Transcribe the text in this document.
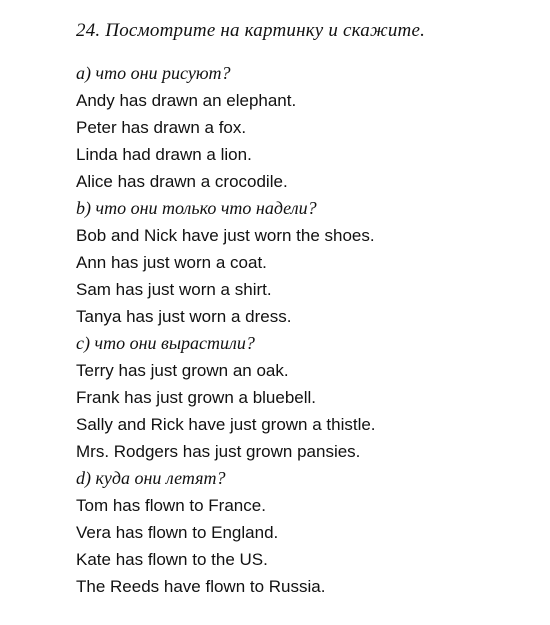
24. Посмотрите на картинку и скажите.
a) что они рисуют?
Andy has drawn an elephant.
Peter has drawn a fox.
Linda had drawn a lion.
Alice has drawn a crocodile.
b) что они только что надели?
Bob and Nick have just worn the shoes.
Ann has just worn a coat.
Sam has just worn a shirt.
Tanya has just worn a dress.
c) что они вырастили?
Terry has just grown an oak.
Frank has just grown a bluebell.
Sally and Rick have just grown a thistle.
Mrs. Rodgers has just grown pansies.
d) куда они летят?
Tom has flown to France.
Vera has flown to England.
Kate has flown to the US.
The Reeds have flown to Russia.
